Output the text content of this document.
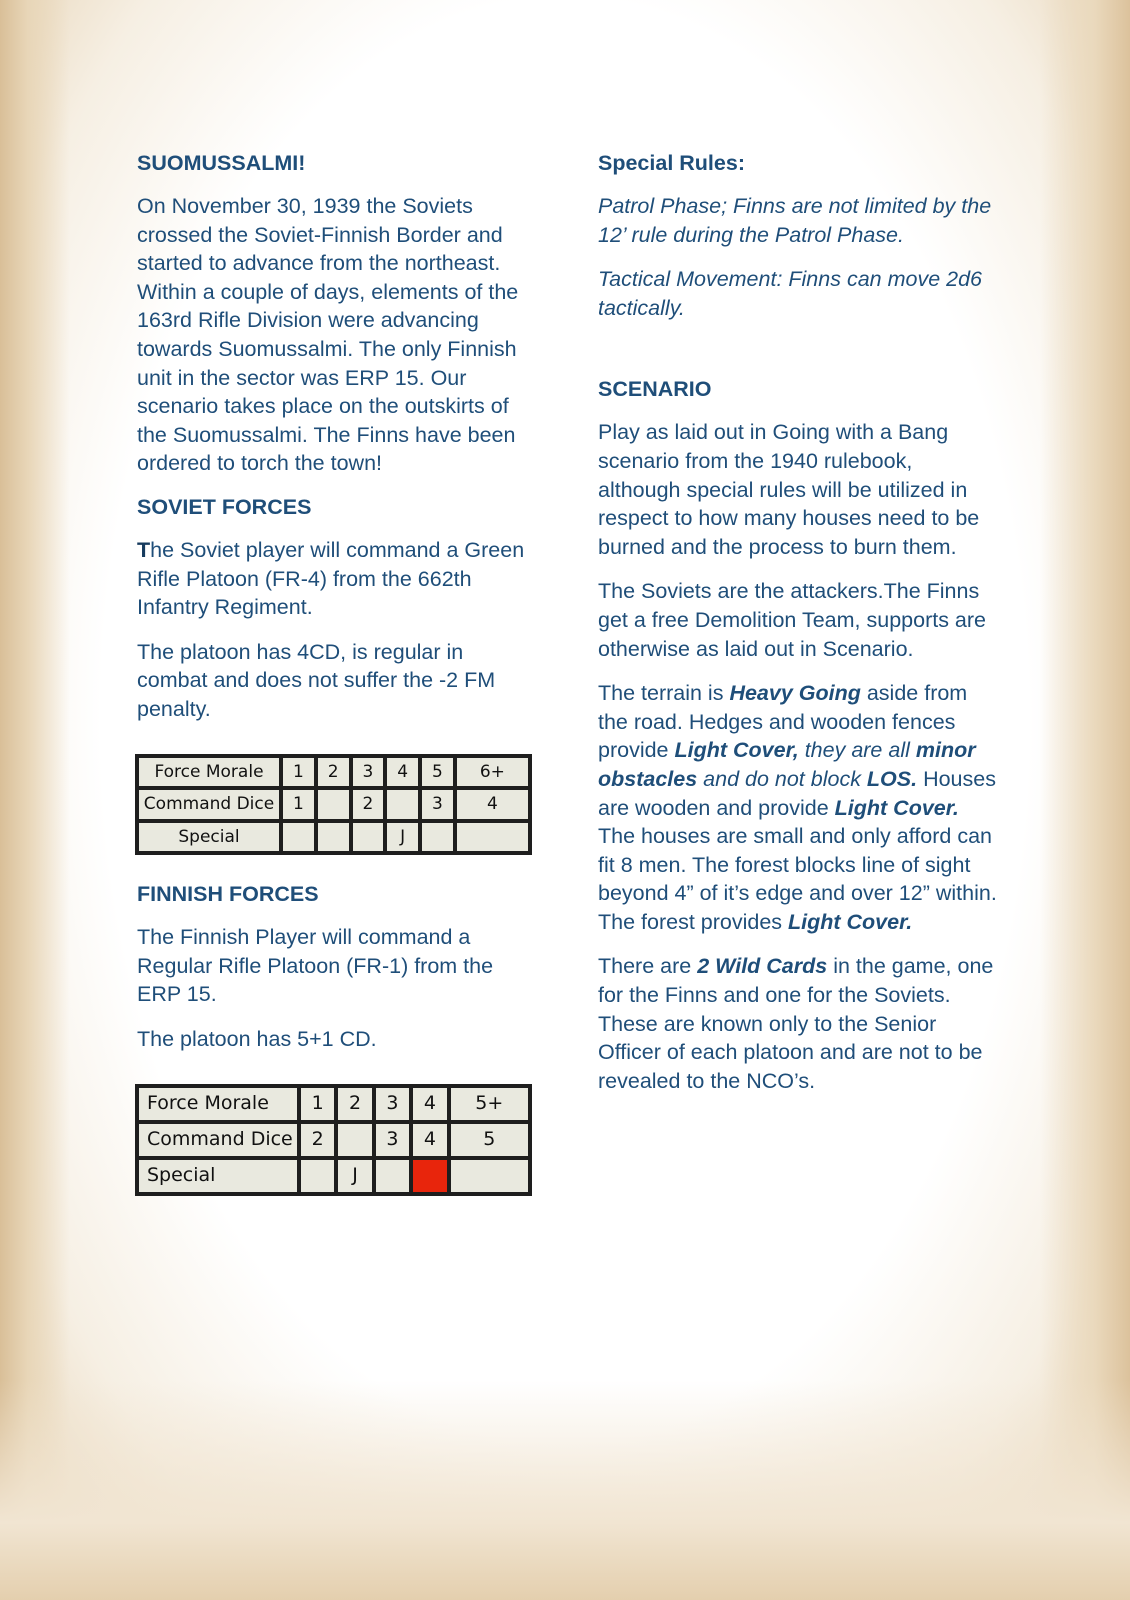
SUOMUSSALMI!

On November 30, 1939 the Soviets crossed the Soviet-Finnish Border and started to advance from the northeast. Within a couple of days, elements of the 163rd Rifle Division were advancing towards Suomussalmi. The only Finnish unit in the sector was ERP 15. Our scenario takes place on the outskirts of the Suomussalmi. The Finns have been ordered to torch the town!

SOVIET FORCES

The Soviet player will command a Green Rifle Platoon (FR-4) from the 662th Infantry Regiment.

The platoon has 4CD, is regular in combat and does not suffer the -2 FM penalty.

Force Morale	1	2	3	4	5	6+
Command Dice	1		2		3	4
Special				J		
FINNISH FORCES

The Finnish Player will command a Regular Rifle Platoon (FR-1) from the ERP 15.

The platoon has 5+1 CD.

Force Morale	1	2	3	4	5+
Command Dice	2		3	4	5
Special		J			
Special Rules:

Patrol Phase; Finns are not limited by the 12’ rule during the Patrol Phase.

Tactical Movement: Finns can move 2d6 tactically.

SCENARIO

Play as laid out in Going with a Bang scenario from the 1940 rulebook, although special rules will be utilized in respect to how many houses need to be burned and the process to burn them.

The Soviets are the attackers.The Finns get a free Demolition Team, supports are otherwise as laid out in Scenario.

The terrain is Heavy Going aside from the road. Hedges and wooden fences provide Light Cover, they are all minor obstacles and do not block LOS. Houses are wooden and provide Light Cover. The houses are small and only afford can fit 8 men. The forest blocks line of sight beyond 4” of it’s edge and over 12” within. The forest provides Light Cover.

There are 2 Wild Cards in the game, one for the Finns and one for the Soviets. These are known only to the Senior Officer of each platoon and are not to be revealed to the NCO’s.
